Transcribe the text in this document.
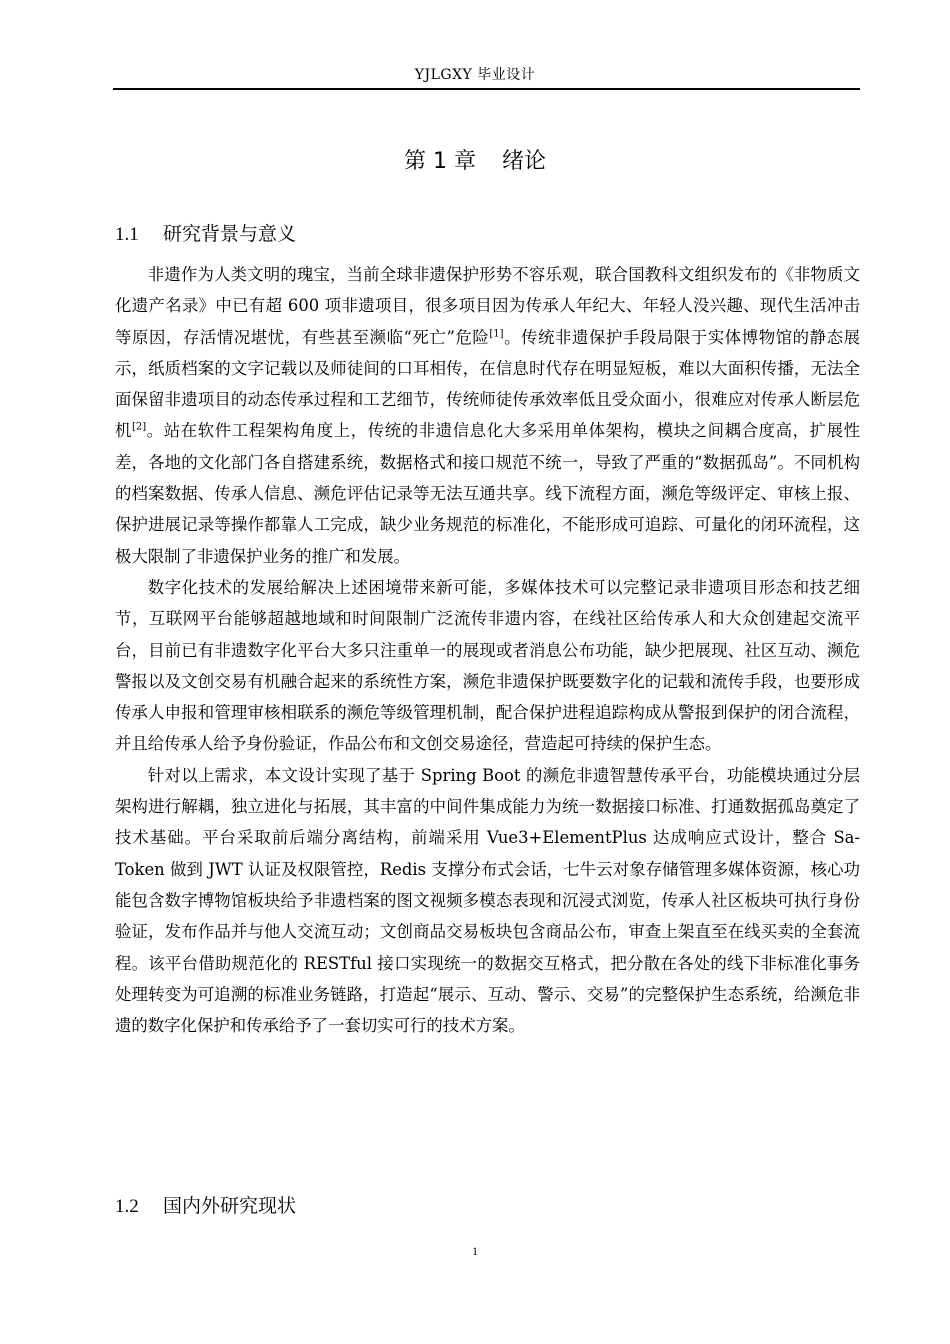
YJLGXY 毕业设计
第 1 章 绪论
1.1 研究背景与意义

非遗作为人类文明的瑰宝，当前全球非遗保护形势不容乐观，联合国教科文组织发布的《非物质文化遗产名录》中已有超 600 项非遗项目，很多项目因为传承人年纪大、年轻人没兴趣、现代生活冲击等原因，存活情况堪忧，有些甚至濒临“死亡”危险[1]。传统非遗保护手段局限于实体博物馆的静态展示，纸质档案的文字记载以及师徒间的口耳相传，在信息时代存在明显短板，难以大面积传播，无法全面保留非遗项目的动态传承过程和工艺细节，传统师徒传承效率低且受众面小，很难应对传承人断层危机[2]。站在软件工程架构角度上，传统的非遗信息化大多采用单体架构，模块之间耦合度高，扩展性差，各地的文化部门各自搭建系统，数据格式和接口规范不统一，导致了严重的“数据孤岛”。不同机构的档案数据、传承人信息、濒危评估记录等无法互通共享。线下流程方面，濒危等级评定、审核上报、保护进展记录等操作都靠人工完成，缺少业务规范的标准化，不能形成可追踪、可量化的闭环流程，这极大限制了非遗保护业务的推广和发展。

数字化技术的发展给解决上述困境带来新可能，多媒体技术可以完整记录非遗项目形态和技艺细节，互联网平台能够超越地域和时间限制广泛流传非遗内容，在线社区给传承人和大众创建起交流平台，目前已有非遗数字化平台大多只注重单一的展现或者消息公布功能，缺少把展现、社区互动、濒危警报以及文创交易有机融合起来的系统性方案，濒危非遗保护既要数字化的记载和流传手段，也要形成传承人申报和管理审核相联系的濒危等级管理机制，配合保护进程追踪构成从警报到保护的闭合流程，并且给传承人给予身份验证，作品公布和文创交易途径，营造起可持续的保护生态。

针对以上需求，本文设计实现了基于 Spring Boot 的濒危非遗智慧传承平台，功能模块通过分层架构进行解耦，独立进化与拓展，其丰富的中间件集成能力为统一数据接口标准、打通数据孤岛奠定了技术基础。平台采取前后端分离结构，前端采用 Vue3+ElementPlus 达成响应式设计，整合 Sa-Token 做到 JWT 认证及权限管控，Redis 支撑分布式会话，七牛云对象存储管理多媒体资源，核心功能包含数字博物馆板块给予非遗档案的图文视频多模态表现和沉浸式浏览，传承人社区板块可执行身份验证，发布作品并与他人交流互动；文创商品交易板块包含商品公布，审查上架直至在线买卖的全套流程。该平台借助规范化的 RESTful 接口实现统一的数据交互格式，把分散在各处的线下非标准化事务处理转变为可追溯的标准业务链路，打造起“展示、互动、警示、交易”的完整保护生态系统，给濒危非遗的数字化保护和传承给予了一套切实可行的技术方案。

1.2 国内外研究现状
1
